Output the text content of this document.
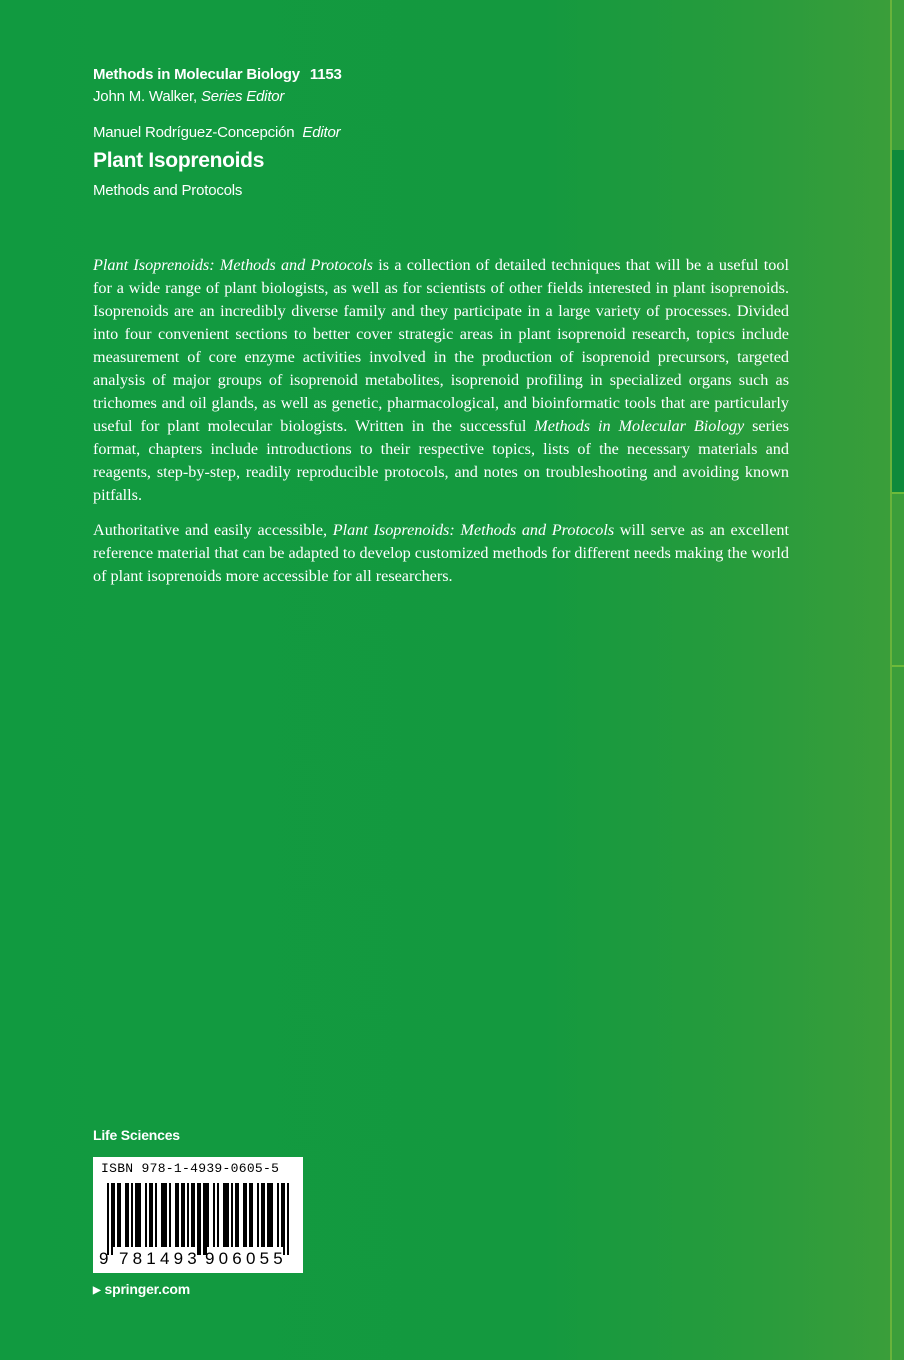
Methods in Molecular Biology 1153
John M. Walker, Series Editor
Manuel Rodríguez-Concepción Editor
Plant Isoprenoids
Methods and Protocols

Plant Isoprenoids: Methods and Protocols is a collection of detailed techniques that will be a useful tool for a wide range of plant biologists, as well as for scientists of other fields interested in plant isoprenoids. Isoprenoids are an incredibly diverse family and they participate in a large variety of processes. Divided into four convenient sections to better cover strategic areas in plant isoprenoid research, topics include measurement of core enzyme activities involved in the production of isoprenoid precursors, targeted analysis of major groups of isoprenoid metabolites, isoprenoid profiling in specialized organs such as trichomes and oil glands, as well as genetic, pharmacological, and bioinformatic tools that are particularly useful for plant molecular biologists. Written in the successful Methods in Molecular Biology series format, chapters include introductions to their respective topics, lists of the necessary materials and reagents, step-by-step, readily reproducible protocols, and notes on troubleshooting and avoiding known pitfalls.

Authoritative and easily accessible, Plant Isoprenoids: Methods and Protocols will serve as an excellent reference material that can be adapted to develop customized methods for different needs making the world of plant isoprenoids more accessible for all researchers.

Life Sciences
ISBN 978-1-4939-0605-5
9 781493 906055
▶ springer.com
